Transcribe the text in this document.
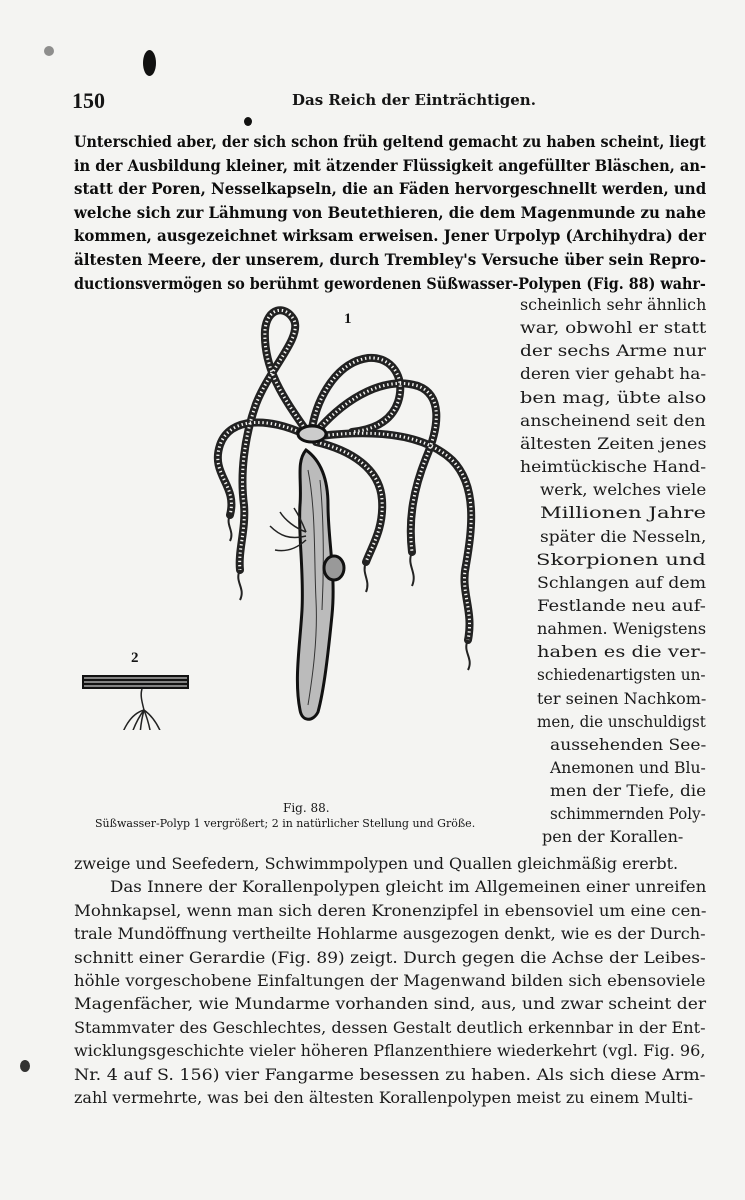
150	Das Reich der Einträchtigen.
Unterschied aber, der sich schon früh geltend gemacht zu haben scheint, liegt
in der Ausbildung kleiner, mit ätzender Flüssigkeit angefüllter Bläschen, an-
statt der Poren, Nesselkapseln, die an Fäden hervorgeschnellt werden, und
welche sich zur Lähmung von Beutethieren, die dem Magenmunde zu nahe
kommen, ausgezeichnet wirksam erweisen. Jener Urpolyp (Archihydra) der
ältesten Meere, der unserem, durch Trembley's Versuche über sein Repro-
ductionsvermögen so berühmt gewordenen Süßwasser-Polypen (Fig. 88) wahr-
scheinlich sehr ähnlich
war, obwohl er statt
der sechs Arme nur
deren vier gehabt ha-
ben mag, übte also
anscheinend seit den
ältesten Zeiten jenes
heimtückische Hand-
werk, welches viele
Millionen Jahre
später die Nesseln,
Skorpionen und
Schlangen auf dem
Festlande neu auf-
nahmen. Wenigstens
haben es die ver-
schiedenartigsten un-
ter seinen Nachkom-
men, die unschuldigst
aussehenden See-
Anemonen und Blu-
men der Tiefe, die
schimmernden Poly-
pen der Korallen-
zweige und Seefedern, Schwimmpolypen und Quallen gleichmäßig ererbt.
Das Innere der Korallenpolypen gleicht im Allgemeinen einer unreifen
Mohnkapsel, wenn man sich deren Kronenzipfel in ebensoviel um eine cen-
trale Mundöffnung vertheilte Hohlarme ausgezogen denkt, wie es der Durch-
schnitt einer Gerardie (Fig. 89) zeigt. Durch gegen die Achse der Leibes-
höhle vorgeschobene Einfaltungen der Magenwand bilden sich ebensoviele
Magenfächer, wie Mundarme vorhanden sind, aus, und zwar scheint der
Stammvater des Geschlechtes, dessen Gestalt deutlich erkennbar in der Ent-
wicklungsgeschichte vieler höheren Pflanzenthiere wiederkehrt (vgl. Fig. 96,
Nr. 4 auf S. 156) vier Fangarme besessen zu haben. Als sich diese Arm-
zahl vermehrte, was bei den ältesten Korallenpolypen meist zu einem Multi-
1
2
Fig. 88.
Süßwasser-Polyp 1 vergrößert; 2 in natürlicher Stellung und Größe.
